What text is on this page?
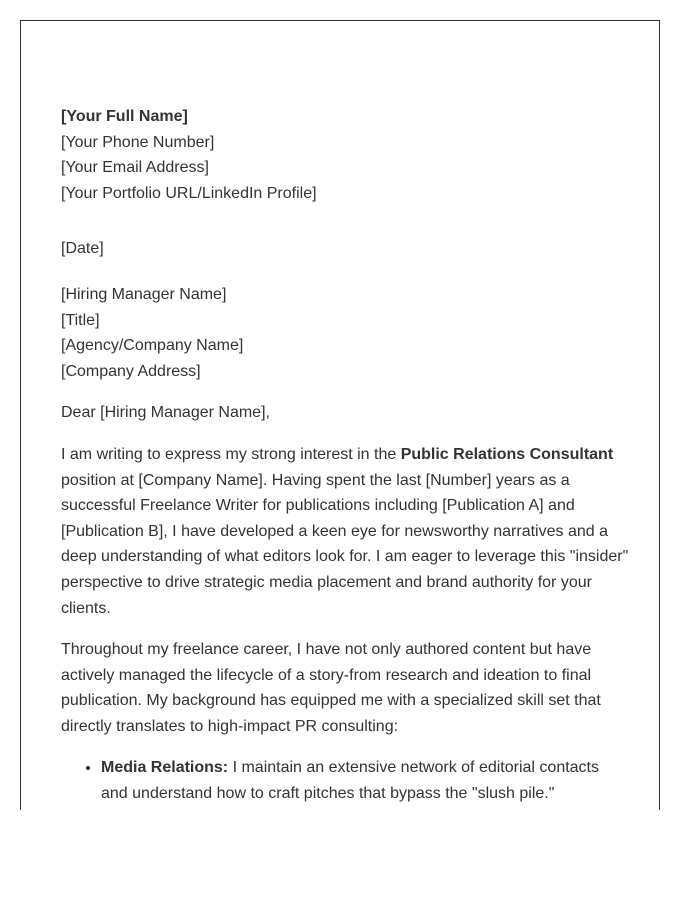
[Your Full Name]
[Your Phone Number]
[Your Email Address]
[Your Portfolio URL/LinkedIn Profile]
[Date]
[Hiring Manager Name]
[Title]
[Agency/Company Name]
[Company Address]

Dear [Hiring Manager Name],

I am writing to express my strong interest in the Public Relations Consultant position at [Company Name]. Having spent the last [Number] years as a successful Freelance Writer for publications including [Publication A] and [Publication B], I have developed a keen eye for newsworthy narratives and a deep understanding of what editors look for. I am eager to leverage this "insider" perspective to drive strategic media placement and brand authority for your clients.

Throughout my freelance career, I have not only authored content but have actively managed the lifecycle of a story-from research and ideation to final publication. My background has equipped me with a specialized skill set that directly translates to high-impact PR consulting:

• Media Relations: I maintain an extensive network of editorial contacts and understand how to craft pitches that bypass the "slush pile."
